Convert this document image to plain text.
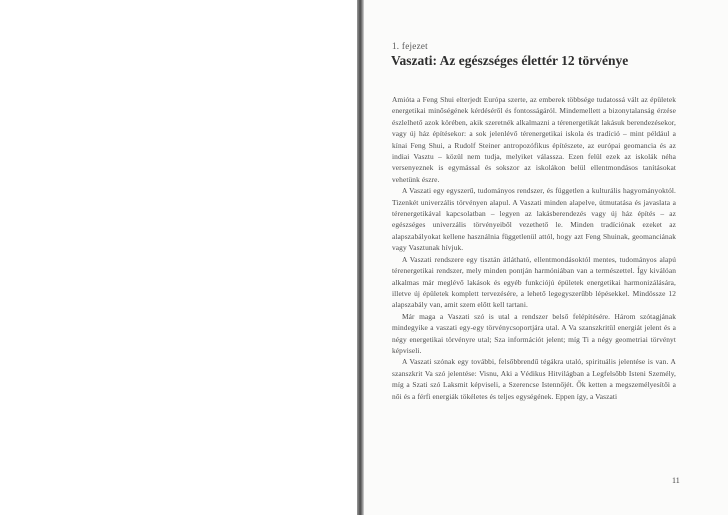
1. fejezet
Vaszati: Az egészséges élettér 12 törvénye

Amióta a Feng Shui elterjedt Európa szerte, az emberek többsége tudatossá vált az épületek energetikai minőségének kérdéséről és fontosságáról. Mindemellett a bizonytalanság érzése észlelhető azok körében, akik szeretnék alkalmazni a térenergetikát lakásuk berendezésekor, vagy új ház építésekor: a sok jelenlévő térenergetikai iskola és tradíció – mint például a kínai Feng Shui, a Rudolf Steiner antropozófikus építészete, az európai geomancia és az indiai Vasztu – közül nem tudja, melyiket válassza. Ezen felül ezek az iskolák néha versenyeznek is egymással és sokszor az iskolákon belül ellentmondásos tanításokat vehetünk észre.

A Vaszati egy egyszerű, tudományos rendszer, és független a kulturális hagyományoktól. Tizenkét univerzális törvényen alapul. A Vaszati minden alapelve, útmutatása és javaslata a térenergetikával kapcsolatban – legyen az lakásberendezés vagy új ház építés – az egészséges univerzális törvényeiből vezethető le. Minden tradíciónak ezeket az alapszabályokat kellene használnia függetlenül attól, hogy azt Feng Shuinak, geomanciának vagy Vasztunak hívjuk.

A Vaszati rendszere egy tisztán átlátható, ellentmondásoktól mentes, tudományos alapú térenergetikai rendszer, mely minden pontján harmóniában van a természettel. Így kiválóan alkalmas már meglévő lakások és egyéb funkciójú épületek energetikai harmonizálására, illetve új épületek komplett tervezésére, a lehető legegyszerűbb lépésekkel. Mindössze 12 alapszabály van, amit szem előtt kell tartani.

Már maga a Vaszati szó is utal a rendszer belső felépítésére. Három szótagjának mindegyike a vaszati egy-egy törvénycsoportjára utal. A Va szanszkritül energiát jelent és a négy energetikai törvényre utal; Sza információt jelent; míg Ti a négy geometriai törvényt képviseli.

A Vaszati szónak egy további, felsőbbrendű tégákra utaló, spirituális jelentése is van. A szanszkrit Va szó jelentése: Visnu, Aki a Védikus Hitvilágban a Legfelsőbb Isteni Személy, míg a Szati szó Laksmit képviseli, a Szerencse Istennőjét. Ők ketten a megszemélyesítői a női és a férfi energiák tökéletes és teljes egységének. Eppen így, a Vaszati

11
